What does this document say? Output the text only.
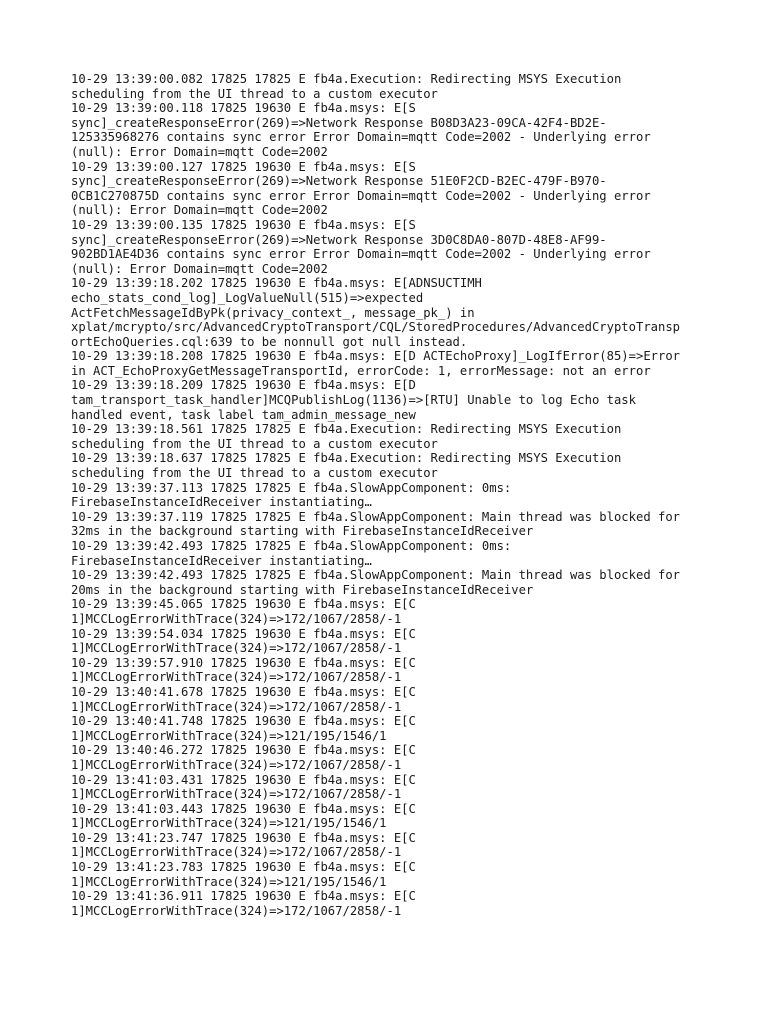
10-29 13:39:00.082 17825 17825 E fb4a.Execution: Redirecting MSYS Execution
scheduling from the UI thread to a custom executor
10-29 13:39:00.118 17825 19630 E fb4a.msys: E[S
sync]_createResponseError(269)=>Network Response B08D3A23-09CA-42F4-BD2E-
125335968276 contains sync error Error Domain=mqtt Code=2002 - Underlying error
(null): Error Domain=mqtt Code=2002
10-29 13:39:00.127 17825 19630 E fb4a.msys: E[S
sync]_createResponseError(269)=>Network Response 51E0F2CD-B2EC-479F-B970-
0CB1C270875D contains sync error Error Domain=mqtt Code=2002 - Underlying error
(null): Error Domain=mqtt Code=2002
10-29 13:39:00.135 17825 19630 E fb4a.msys: E[S
sync]_createResponseError(269)=>Network Response 3D0C8DA0-807D-48E8-AF99-
902BD1AE4D36 contains sync error Error Domain=mqtt Code=2002 - Underlying error
(null): Error Domain=mqtt Code=2002
10-29 13:39:18.202 17825 19630 E fb4a.msys: E[ADNSUCTIMH
echo_stats_cond_log]_LogValueNull(515)=>expected
ActFetchMessageIdByPk(privacy_context_, message_pk_) in
xplat/mcrypto/src/AdvancedCryptoTransport/CQL/StoredProcedures/AdvancedCryptoTransp
ortEchoQueries.cql:639 to be nonnull got null instead.
10-29 13:39:18.208 17825 19630 E fb4a.msys: E[D ACTEchoProxy]_LogIfError(85)=>Error
in ACT_EchoProxyGetMessageTransportId, errorCode: 1, errorMessage: not an error
10-29 13:39:18.209 17825 19630 E fb4a.msys: E[D
tam_transport_task_handler]MCQPublishLog(1136)=>[RTU] Unable to log Echo task
handled event, task label tam_admin_message_new
10-29 13:39:18.561 17825 17825 E fb4a.Execution: Redirecting MSYS Execution
scheduling from the UI thread to a custom executor
10-29 13:39:18.637 17825 17825 E fb4a.Execution: Redirecting MSYS Execution
scheduling from the UI thread to a custom executor
10-29 13:39:37.113 17825 17825 E fb4a.SlowAppComponent: 0ms:
FirebaseInstanceIdReceiver instantiating…
10-29 13:39:37.119 17825 17825 E fb4a.SlowAppComponent: Main thread was blocked for
32ms in the background starting with FirebaseInstanceIdReceiver
10-29 13:39:42.493 17825 17825 E fb4a.SlowAppComponent: 0ms:
FirebaseInstanceIdReceiver instantiating…
10-29 13:39:42.493 17825 17825 E fb4a.SlowAppComponent: Main thread was blocked for
20ms in the background starting with FirebaseInstanceIdReceiver
10-29 13:39:45.065 17825 19630 E fb4a.msys: E[C
1]MCCLogErrorWithTrace(324)=>172/1067/2858/-1
10-29 13:39:54.034 17825 19630 E fb4a.msys: E[C
1]MCCLogErrorWithTrace(324)=>172/1067/2858/-1
10-29 13:39:57.910 17825 19630 E fb4a.msys: E[C
1]MCCLogErrorWithTrace(324)=>172/1067/2858/-1
10-29 13:40:41.678 17825 19630 E fb4a.msys: E[C
1]MCCLogErrorWithTrace(324)=>172/1067/2858/-1
10-29 13:40:41.748 17825 19630 E fb4a.msys: E[C
1]MCCLogErrorWithTrace(324)=>121/195/1546/1
10-29 13:40:46.272 17825 19630 E fb4a.msys: E[C
1]MCCLogErrorWithTrace(324)=>172/1067/2858/-1
10-29 13:41:03.431 17825 19630 E fb4a.msys: E[C
1]MCCLogErrorWithTrace(324)=>172/1067/2858/-1
10-29 13:41:03.443 17825 19630 E fb4a.msys: E[C
1]MCCLogErrorWithTrace(324)=>121/195/1546/1
10-29 13:41:23.747 17825 19630 E fb4a.msys: E[C
1]MCCLogErrorWithTrace(324)=>172/1067/2858/-1
10-29 13:41:23.783 17825 19630 E fb4a.msys: E[C
1]MCCLogErrorWithTrace(324)=>121/195/1546/1
10-29 13:41:36.911 17825 19630 E fb4a.msys: E[C
1]MCCLogErrorWithTrace(324)=>172/1067/2858/-1
